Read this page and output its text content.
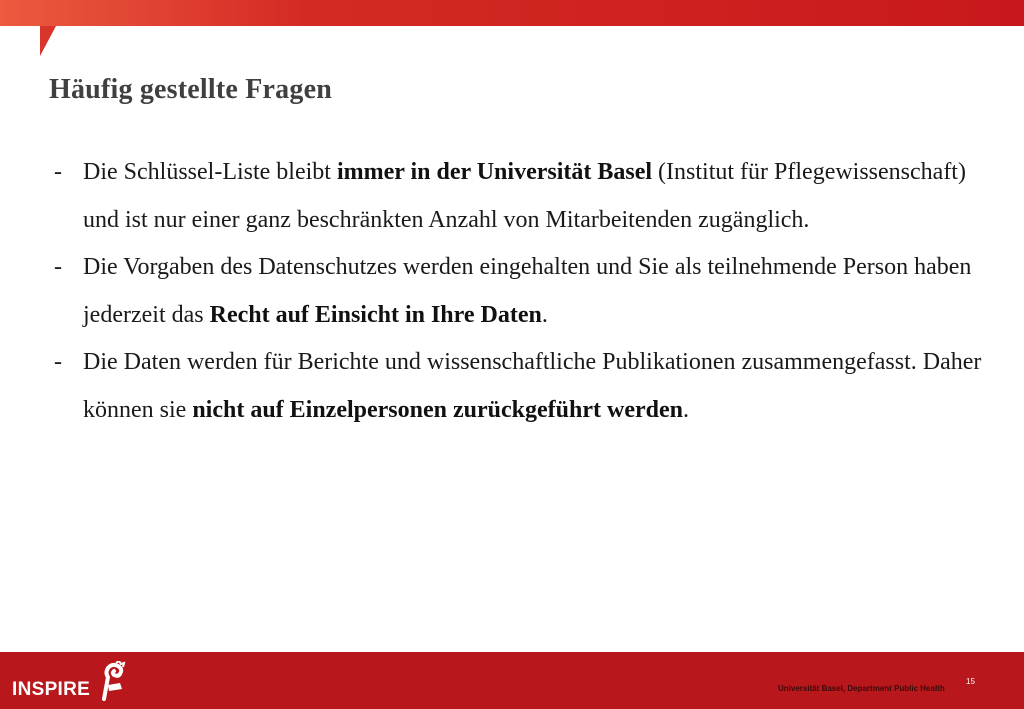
Häufig gestellte Fragen
- Die Schlüssel-Liste bleibt immer in der Universität Basel (Institut für Pflegewissenschaft) und ist nur einer ganz beschränkten Anzahl von Mitarbeitenden zugänglich.
- Die Vorgaben des Datenschutzes werden eingehalten und Sie als teilnehmende Person haben jederzeit das Recht auf Einsicht in Ihre Daten.
- Die Daten werden für Berichte und wissenschaftliche Publikationen zusammengefasst. Daher können sie nicht auf Einzelpersonen zurückgeführt werden.
INSPIRE	15
Universität Basel, Department Public Health
